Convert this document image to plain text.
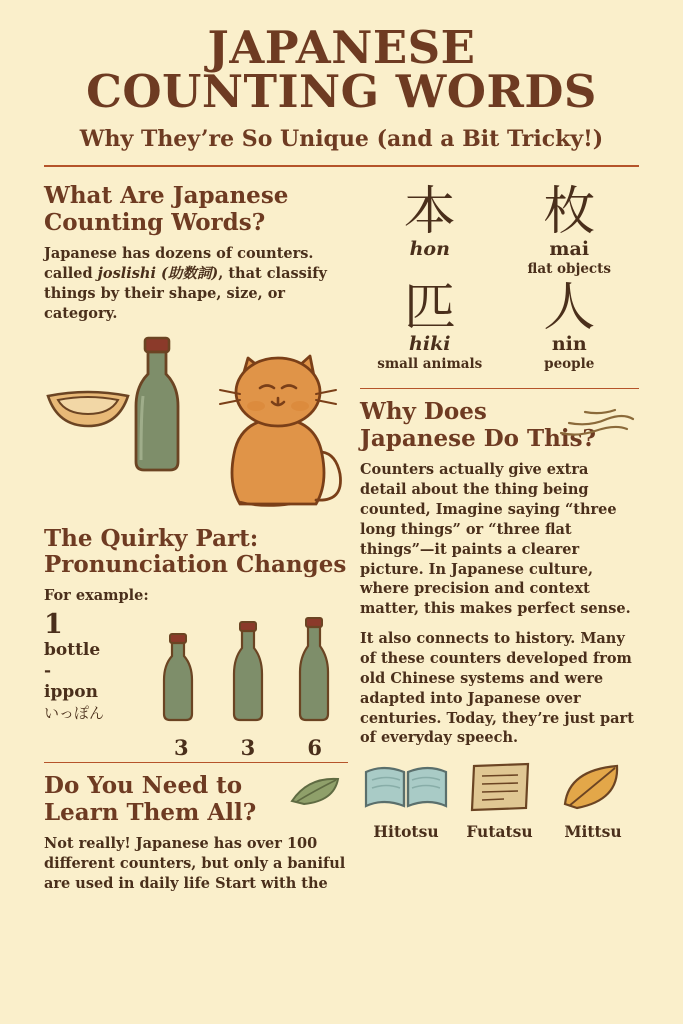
JAPANESE
COUNTING WORDS
Why They’re So Unique (and a Bit Tricky!)
What Are Japanese
Counting Words?

Japanese has dozens of counters. called joslishi (助数詞), that classify things by their shape, size, or category.

The Quirky Part:
Pronunciation Changes

For example:

1
bottle
-
ippon
いっぽん
3 3 6
Do You Need to
Learn Them All?

Not really! Japanese has over 100 different counters, but only a baniful are used in daily life Start with the

本
hon
枚
mai
flat objects
匹
hiki
small animals
人
nin
people
Why Does
Japanese Do This?

Counters actually give extra detail about the thing being counted, Imagine saying “three long things” or “three flat things”—it paints a clearer picture. In Japanese culture, where precision and context matter, this makes perfect sense.

It also connects to history. Many of these counters developed from old Chinese systems and were adapted into Japanese over centuries. Today, they’re just part of everyday speech.

Hitotsu	Futatsu	Mittsu
